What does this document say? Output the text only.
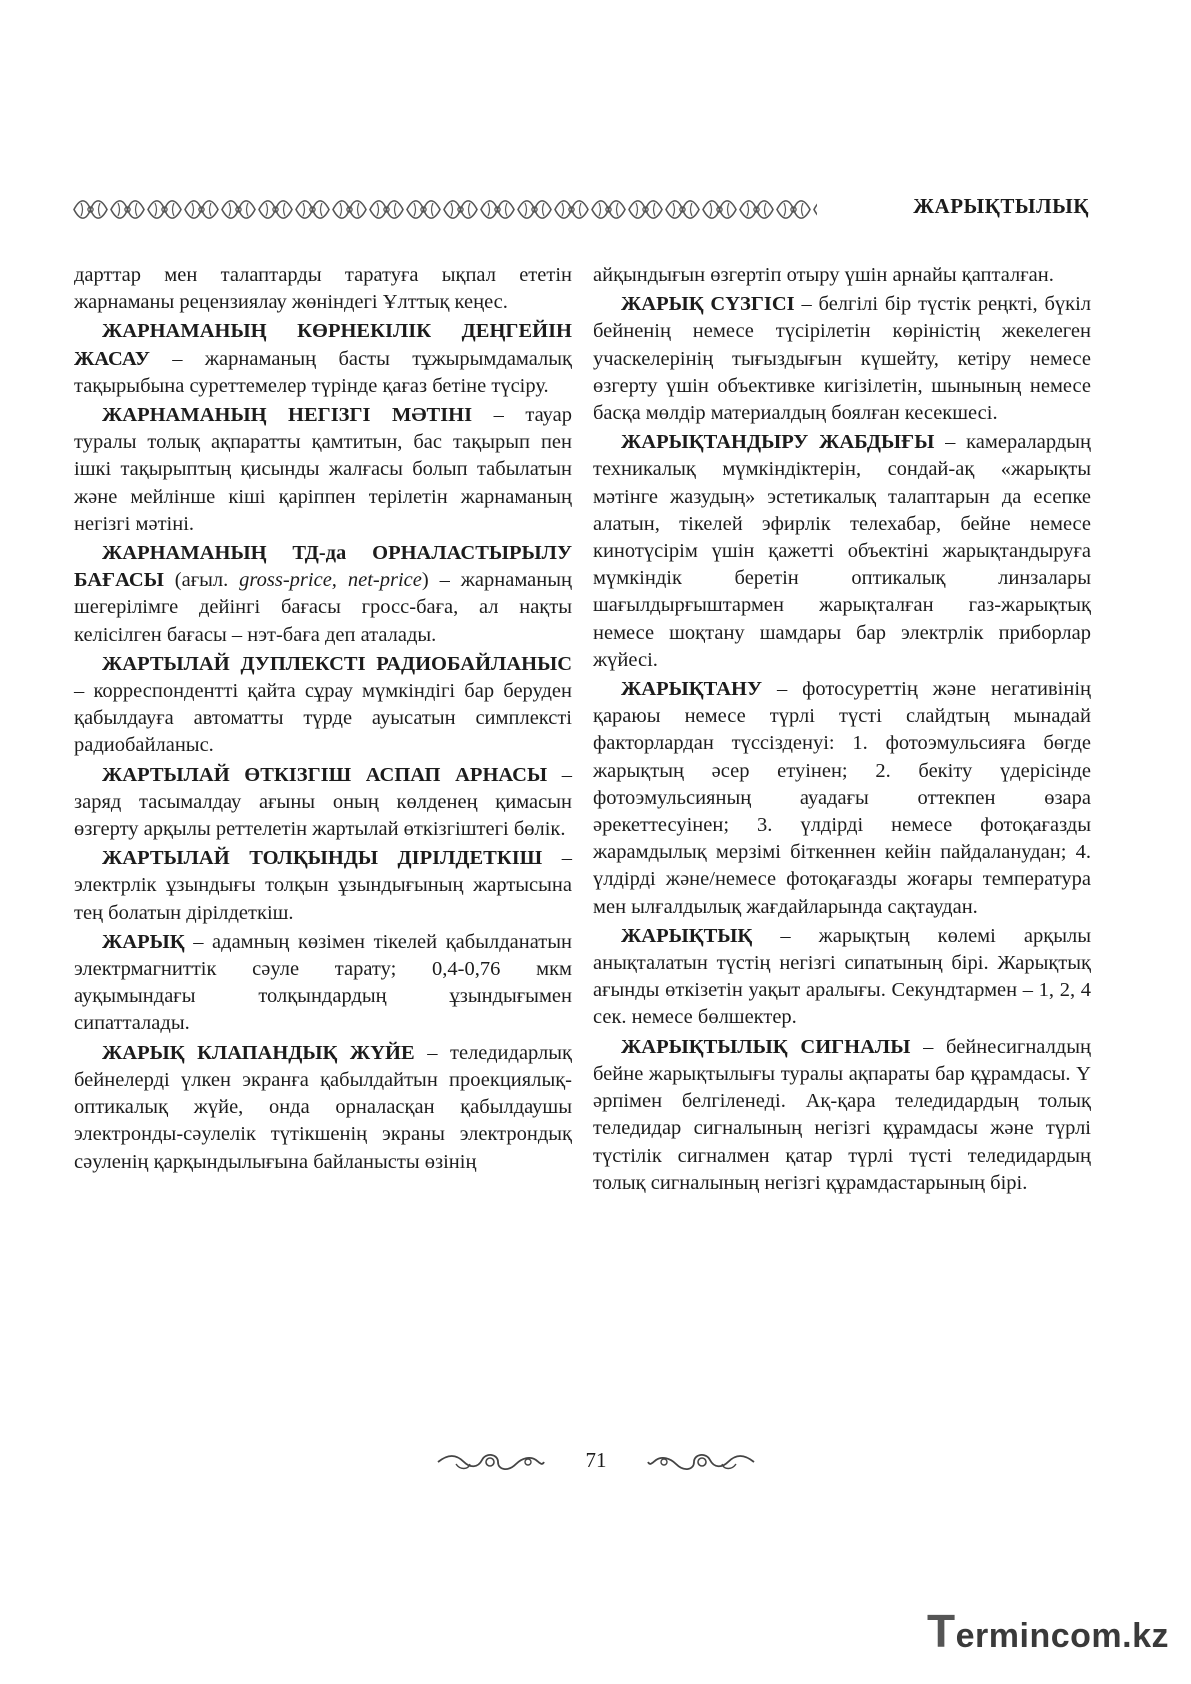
ЖАРЫҚТЫЛЫҚ

дарттар мен талаптарды таратуға ықпал ететін жарнаманы рецензиялау жөніндегі Ұлттық кеңес.

ЖАРНАМАНЫҢ КӨРНЕКІЛІК ДЕҢГЕЙІН ЖАСАУ – жарнаманың басты тұжырымдамалық тақырыбына суреттемелер түрінде қағаз бетіне түсіру.

ЖАРНАМАНЫҢ НЕГІЗГІ МӘТІНІ – тауар туралы толық ақпаратты қамтитын, бас тақырып пен ішкі тақырыптың қисынды жалғасы болып табылатын және мейлінше кіші қаріппен терілетін жарнаманың негізгі мәтіні.

ЖАРНАМАНЫҢ ТД-да ОРНАЛАСТЫРЫЛУ БАҒАСЫ (ағыл. gross-price, net-price) – жарнаманың шегерілімге дейінгі бағасы гросс-баға, ал нақты келісілген бағасы – нэт-баға деп аталады.

ЖАРТЫЛАЙ ДУПЛЕКСТІ РАДИОБАЙЛАНЫС – корреспондентті қайта сұрау мүмкіндігі бар беруден қабылдауға автоматты түрде ауысатын симплексті радиобайланыс.

ЖАРТЫЛАЙ ӨТКІЗГІШ АСПАП АРНАСЫ – заряд тасымалдау ағыны оның көлденең қимасын өзгерту арқылы реттелетін жартылай өткізгіштегі бөлік.

ЖАРТЫЛАЙ ТОЛҚЫНДЫ ДІРІЛДЕТКІШ – электрлік ұзындығы толқын ұзындығының жартысына тең болатын дірілдеткіш.

ЖАРЫҚ – адамның көзімен тікелей қабылданатын электрмагниттік сәуле тарату; 0,4-0,76 мкм ауқымындағы толқындардың ұзындығымен сипатталады.

ЖАРЫҚ КЛАПАНДЫҚ ЖҮЙЕ – теледидарлық бейнелерді үлкен экранға қабылдайтын проекциялық-оптикалық жүйе, онда орналасқан қабылдаушы электронды-сәулелік түтікшенің экраны электрондық сәуленің қарқындылығына байланысты өзінің

айқындығын өзгертіп отыру үшін арнайы қапталған.

ЖАРЫҚ СҮЗГІСІ – белгілі бір түстік реңкті, бүкіл бейненің немесе түсірілетін көріністің жекелеген учаскелерінің тығыздығын күшейту, кетіру немесе өзгерту үшін объективке кигізілетін, шынының немесе басқа мөлдір материалдың боялған кесекшесі.

ЖАРЫҚТАНДЫРУ ЖАБДЫҒЫ – камералардың техникалық мүмкіндіктерін, сондай-ақ «жарықты мәтінге жазудың» эстетикалық талаптарын да есепке алатын, тікелей эфирлік телехабар, бейне немесе кинотүсірім үшін қажетті объектіні жарықтандыруға мүмкіндік беретін оптикалық линзалары шағылдырғыштармен жарықталған газ-жарықтық немесе шоқтану шамдары бар электрлік приборлар жүйесі.

ЖАРЫҚТАНУ – фотосуреттің және негативінің қараюы немесе түрлі түсті слайдтың мынадай факторлардан түссізденуі: 1. фотоэмульсияға бөгде жарықтың әсер етуінен; 2. бекіту үдерісінде фотоэмульсияның ауадағы оттекпен өзара әрекеттесуінен; 3. үлдірді немесе фотоқағазды жарамдылық мерзімі біткеннен кейін пайдаланудан; 4. үлдірді және/немесе фотоқағазды жоғары температура мен ылғалдылық жағдайларында сақтаудан.

ЖАРЫҚТЫҚ – жарықтың көлемі арқылы анықталатын түстің негізгі сипатының бірі. Жарықтық ағынды өткізетін уақыт аралығы. Секундтармен – 1, 2, 4 сек. немесе бөлшектер.

ЖАРЫҚТЫЛЫҚ СИГНАЛЫ – бейнесигналдың бейне жарықтылығы туралы ақпараты бар құрамдасы. Y әрпімен белгіленеді. Ақ-қара теледидардың толық теледидар сигналының негізгі құрамдасы және түрлі түстілік сигналмен қатар түрлі түсті теледидардың толық сигналының негізгі құрамдастарының бірі.

71
Termincom.kz
